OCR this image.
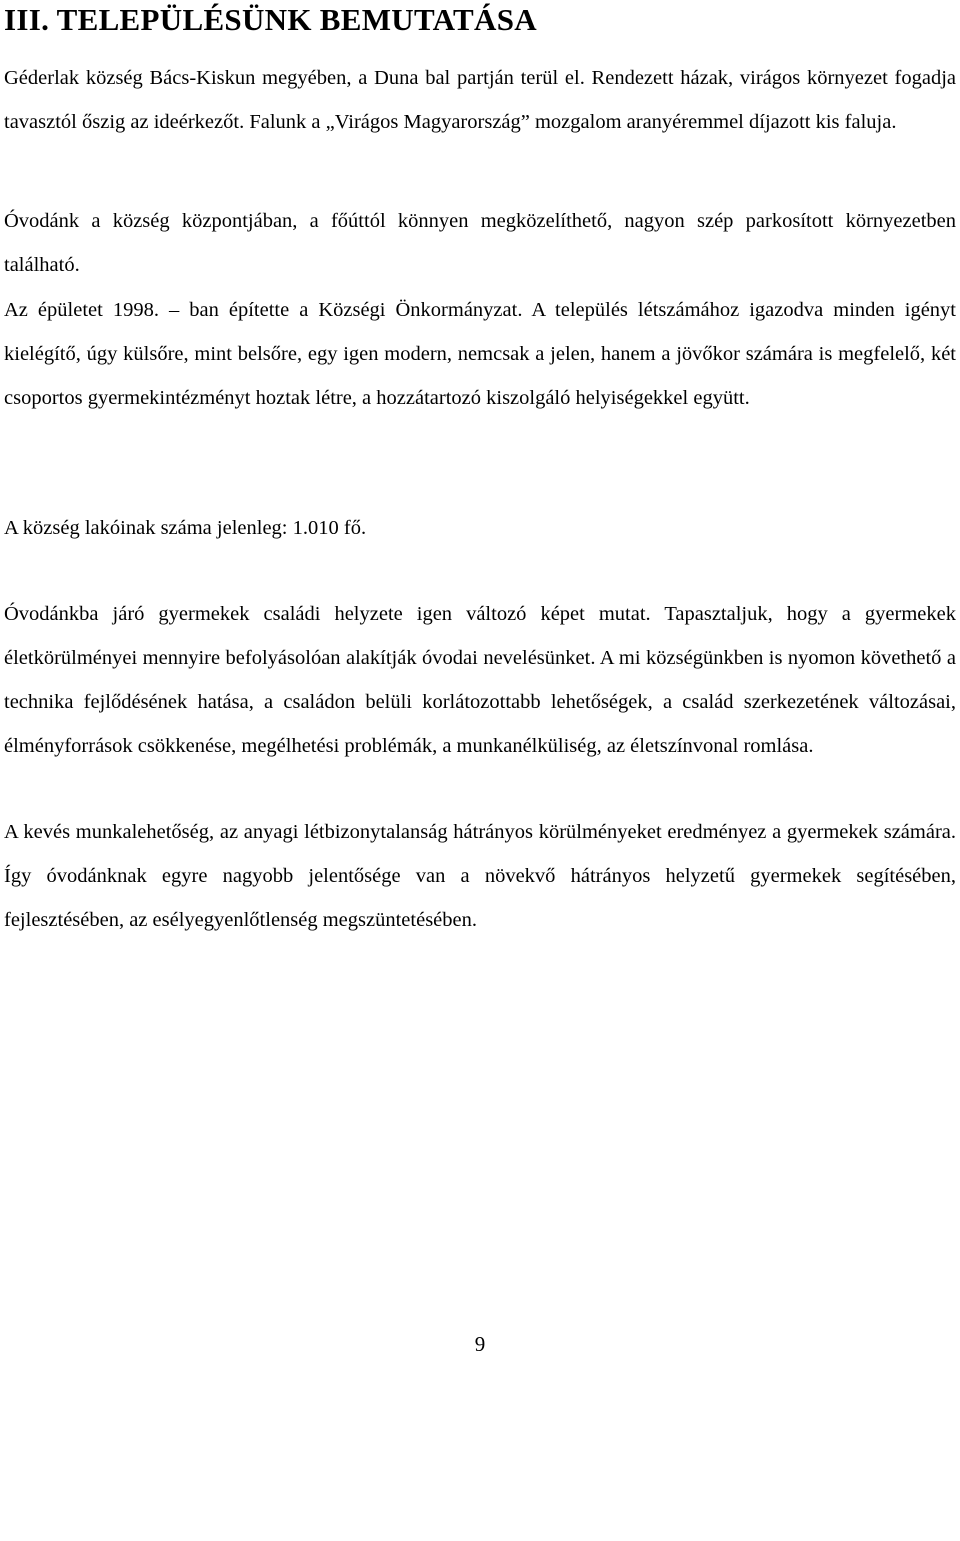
III. TELEPÜLÉSÜNK BEMUTATÁSA

Géderlak község Bács-Kiskun megyében, a Duna bal partján terül el. Rendezett házak, virágos környezet fogadja tavasztól őszig az ideérkezőt. Falunk a „Virágos Magyarország” mozgalom aranyéremmel díjazott kis faluja.

Óvodánk a község központjában, a főúttól könnyen megközelíthető, nagyon szép parkosított környezetben található.

Az épületet 1998. – ban építette a Községi Önkormányzat. A település létszámához igazodva minden igényt kielégítő, úgy külsőre, mint belsőre, egy igen modern, nemcsak a jelen, hanem a jövőkor számára is megfelelő, két csoportos gyermekintézményt hoztak létre, a hozzátartozó kiszolgáló helyiségekkel együtt.

A község lakóinak száma jelenleg: 1.010 fő.

Óvodánkba járó gyermekek családi helyzete igen változó képet mutat. Tapasztaljuk, hogy a gyermekek életkörülményei mennyire befolyásolóan alakítják óvodai nevelésünket. A mi községünkben is nyomon követhető a technika fejlődésének hatása, a családon belüli korlátozottabb lehetőségek, a család szerkezetének változásai, élményforrások csökkenése, megélhetési problémák, a munkanélküliség, az életszínvonal romlása.

A kevés munkalehetőség, az anyagi létbizonytalanság hátrányos körülményeket eredményez a gyermekek számára. Így óvodánknak egyre nagyobb jelentősége van a növekvő hátrányos helyzetű gyermekek segítésében, fejlesztésében, az esélyegyenlőtlenség megszüntetésében.

9
